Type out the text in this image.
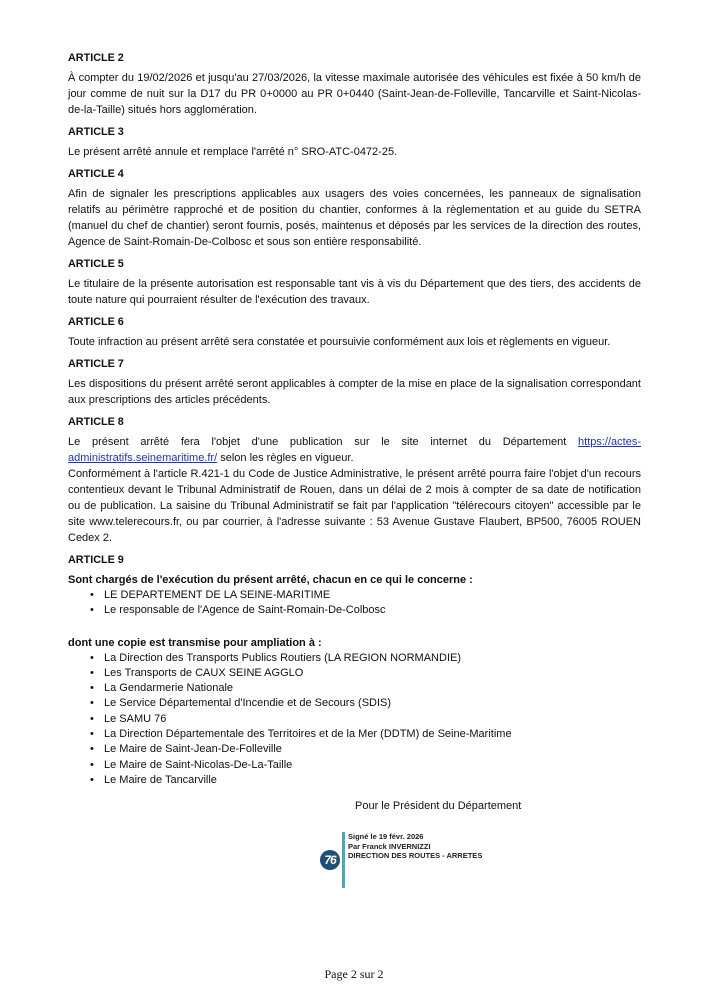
ARTICLE 2

À compter du 19/02/2026 et jusqu'au 27/03/2026, la vitesse maximale autorisée des véhicules est fixée à 50 km/h de jour comme de nuit sur la D17 du PR 0+0000 au PR 0+0440 (Saint-Jean-de-Folleville, Tancarville et Saint-Nicolas-de-la-Taille) situés hors agglomération.

ARTICLE 3

Le présent arrêté annule et remplace l'arrêté n° SRO-ATC-0472-25.

ARTICLE 4

Afin de signaler les prescriptions applicables aux usagers des voies concernées, les panneaux de signalisation relatifs au périmètre rapproché et de position du chantier, conformes à la règlementation et au guide du SETRA (manuel du chef de chantier) seront fournis, posés, maintenus et déposés par les services de la direction des routes, Agence de Saint-Romain-De-Colbosc et sous son entière responsabilité.

ARTICLE 5

Le titulaire de la présente autorisation est responsable tant vis à vis du Département que des tiers, des accidents de toute nature qui pourraient résulter de l'exécution des travaux.

ARTICLE 6

Toute infraction au présent arrêté sera constatée et poursuivie conformément aux lois et règlements en vigueur.

ARTICLE 7

Les dispositions du présent arrêté seront applicables à compter de la mise en place de la signalisation correspondant aux prescriptions des articles précédents.

ARTICLE 8

Le présent arrêté fera l'objet d'une publication sur le site internet du Département https://actes-administratifs.seinemaritime.fr/ selon les règles en vigueur.

Conformément à l'article R.421-1 du Code de Justice Administrative, le présent arrêté pourra faire l'objet d'un recours contentieux devant le Tribunal Administratif de Rouen, dans un délai de 2 mois à compter de sa date de notification ou de publication. La saisine du Tribunal Administratif se fait par l'application "télérecours citoyen" accessible par le site www.telerecours.fr, ou par courrier, à l'adresse suivante : 53 Avenue Gustave Flaubert, BP500, 76005 ROUEN Cedex 2.

ARTICLE 9
Sont chargés de l'exécution du présent arrêté, chacun en ce qui le concerne :
• LE DEPARTEMENT DE LA SEINE-MARITIME
• Le responsable de l'Agence de Saint-Romain-De-Colbosc
dont une copie est transmise pour ampliation à :
• La Direction des Transports Publics Routiers (LA REGION NORMANDIE)
• Les Transports de CAUX SEINE AGGLO
• La Gendarmerie Nationale
• Le Service Départemental d'Incendie et de Secours (SDIS)
• Le SAMU 76
• La Direction Départementale des Territoires et de la Mer (DDTM) de Seine-Maritime
• Le Maire de Saint-Jean-De-Folleville
• Le Maire de Saint-Nicolas-De-La-Taille
• Le Maire de Tancarville
Pour le Président du Département
76
Signé le 19 févr. 2026
Par Franck INVERNIZZI
DIRECTION DES ROUTES - ARRETES
Page 2 sur 2
